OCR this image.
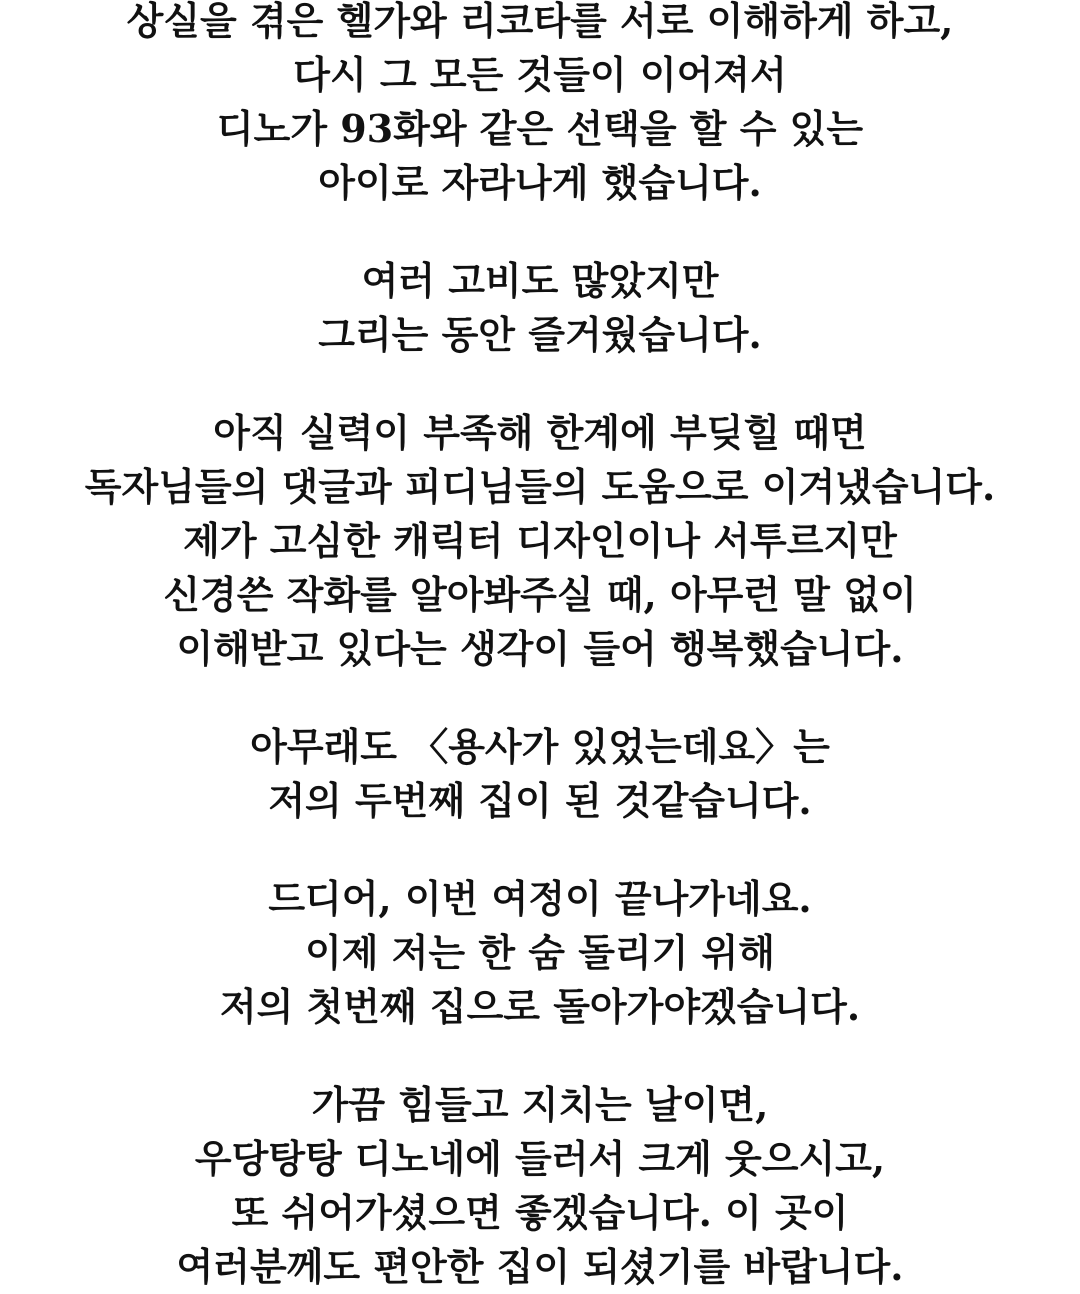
상실을 겪은 헬가와 리코타를 서로 이해하게 하고,
다시 그 모든 것들이 이어져서
디노가 93화와 같은 선택을 할 수 있는
아이로 자라나게 했습니다.
여러 고비도 많았지만
그리는 동안 즐거웠습니다.
아직 실력이 부족해 한계에 부딪힐 때면
독자님들의 댓글과 피디님들의 도움으로 이겨냈습니다.
제가 고심한 캐릭터 디자인이나 서투르지만
신경쓴 작화를 알아봐주실 때, 아무런 말 없이
이해받고 있다는 생각이 들어 행복했습니다.
아무래도 〈용사가 있었는데요〉는
저의 두번째 집이 된 것같습니다.
드디어, 이번 여정이 끝나가네요.
이제 저는 한 숨 돌리기 위해
저의 첫번째 집으로 돌아가야겠습니다.
가끔 힘들고 지치는 날이면,
우당탕탕 디노네에 들러서 크게 웃으시고,
또 쉬어가셨으면 좋겠습니다. 이 곳이
여러분께도 편안한 집이 되셨기를 바랍니다.
